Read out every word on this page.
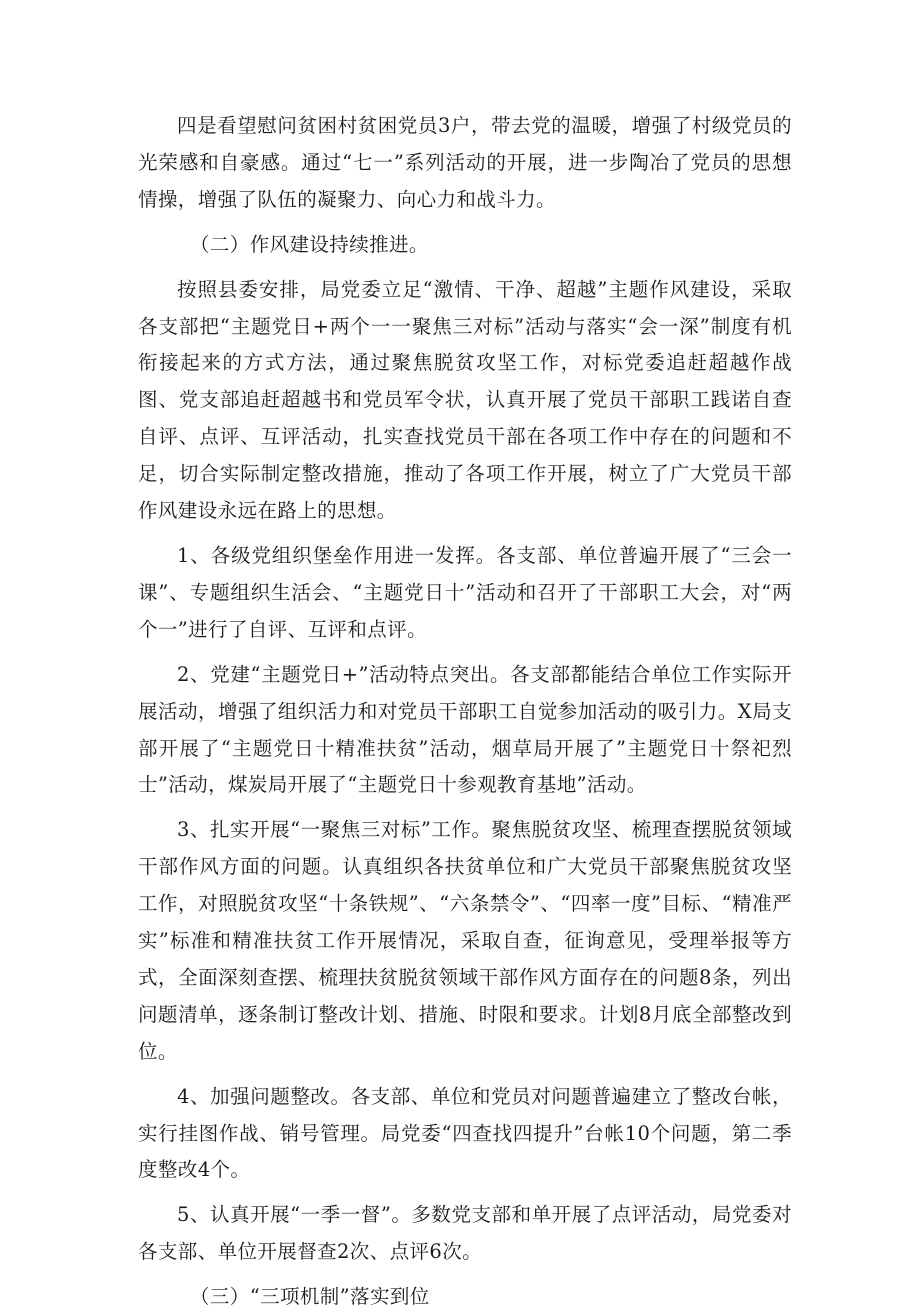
四是看望慰问贫困村贫困党员3户，带去党的温暖，增强了村级党员的光荣感和自豪感。通过“七一”系列活动的开展，进一步陶冶了党员的思想情操，增强了队伍的凝聚力、向心力和战斗力。

（二）作风建设持续推进。

按照县委安排，局党委立足“激情、干净、超越”主题作风建设，采取各支部把“主题党日+两个一一聚焦三对标”活动与落实“会一深”制度有机衔接起来的方式方法，通过聚焦脱贫攻坚工作，对标党委追赶超越作战图、党支部追赶超越书和党员军令状，认真开展了党员干部职工践诺自查自评、点评、互评活动，扎实查找党员干部在各项工作中存在的问题和不足，切合实际制定整改措施，推动了各项工作开展，树立了广大党员干部作风建设永远在路上的思想。

1、各级党组织堡垒作用进一发挥。各支部、单位普遍开展了“三会一课”、专题组织生活会、“主题党日十”活动和召开了干部职工大会，对“两个一”进行了自评、互评和点评。

2、党建“主题党日+”活动特点突出。各支部都能结合单位工作实际开展活动，增强了组织活力和对党员干部职工自觉参加活动的吸引力。X局支部开展了“主题党日十精准扶贫”活动，烟草局开展了”主题党日十祭祀烈士”活动，煤炭局开展了“主题党日十参观教育基地”活动。

3、扎实开展“一聚焦三对标”工作。聚焦脱贫攻坚、梳理查摆脱贫领域干部作风方面的问题。认真组织各扶贫单位和广大党员干部聚焦脱贫攻坚工作，对照脱贫攻坚“十条铁规”、“六条禁令”、“四率一度”目标、“精准严实”标准和精准扶贫工作开展情况，采取自查，征询意见，受理举报等方式，全面深刻查摆、梳理扶贫脱贫领域干部作风方面存在的问题8条，列出问题清单，逐条制订整改计划、措施、时限和要求。计划8月底全部整改到位。

4、加强问题整改。各支部、单位和党员对问题普遍建立了整改台帐，实行挂图作战、销号管理。局党委“四查找四提升”台帐10个问题，第二季度整改4个。

5、认真开展“一季一督”。多数党支部和单开展了点评活动，局党委对各支部、单位开展督查2次、点评6次。

（三）“三项机制”落实到位
